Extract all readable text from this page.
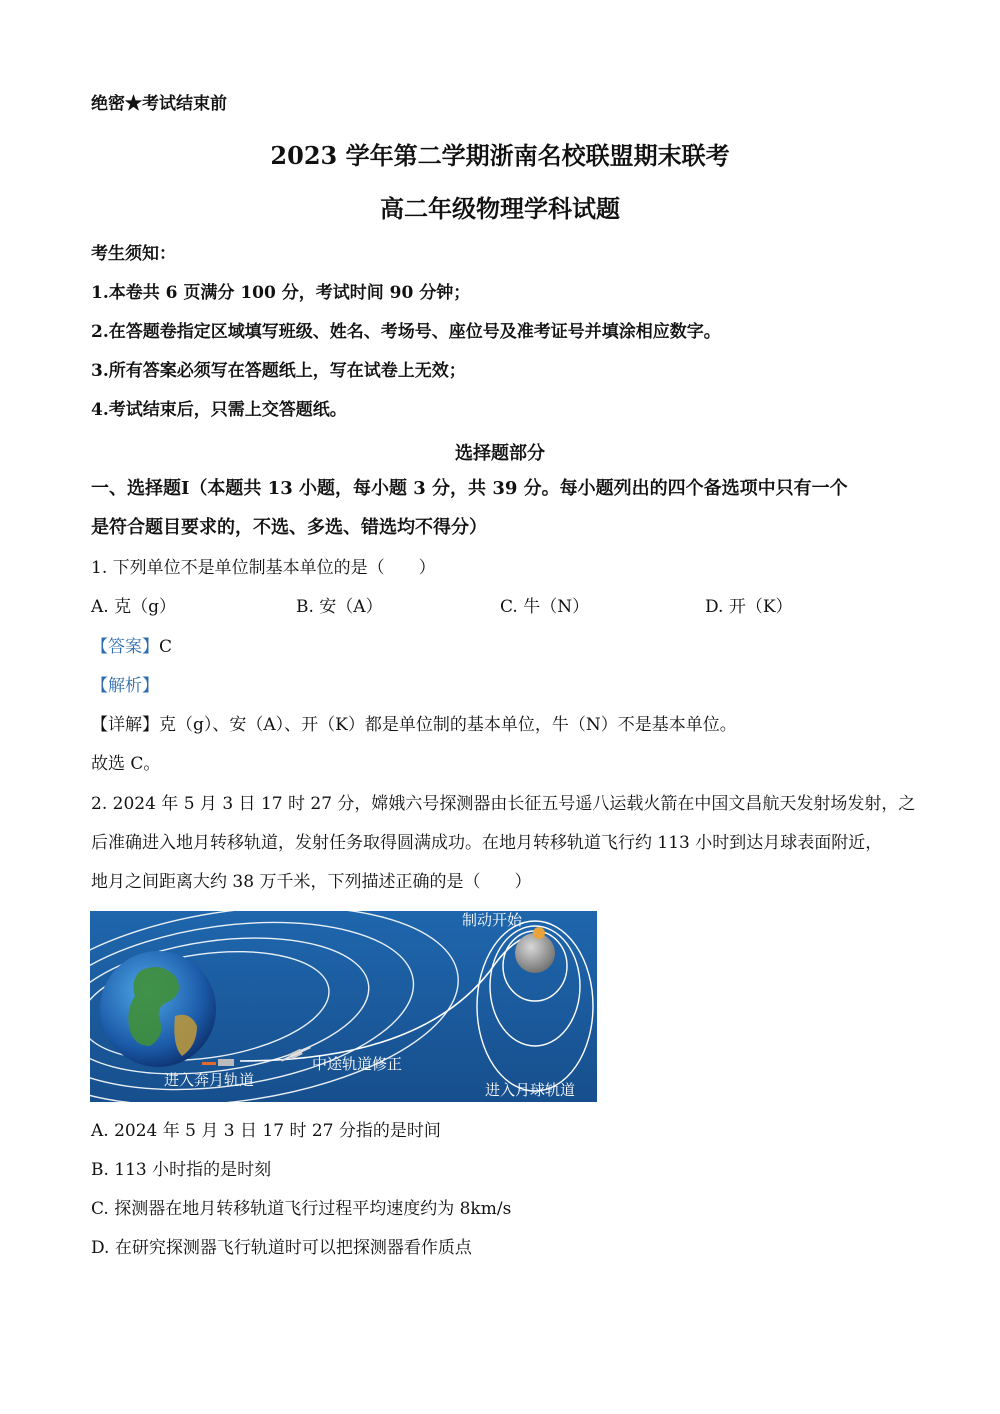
绝密★考试结束前
2023 学年第二学期浙南名校联盟期末联考
高二年级物理学科试题
考生须知：
1.本卷共 6 页满分 100 分，考试时间 90 分钟；
2.在答题卷指定区域填写班级、姓名、考场号、座位号及准考证号并填涂相应数字。
3.所有答案必须写在答题纸上，写在试卷上无效；
4.考试结束后，只需上交答题纸。
选择题部分
一、选择题I（本题共 13 小题，每小题 3 分，共 39 分。每小题列出的四个备选项中只有一个
是符合题目要求的，不选、多选、错选均不得分）
1. 下列单位不是单位制基本单位的是（　　）
A. 克（g）	B. 安（A）	C. 牛（N）	D. 开（K）
【答案】C
【解析】
【详解】克（g）、安（A）、开（K）都是单位制的基本单位，牛（N）不是基本单位。
故选 C。
2. 2024 年 5 月 3 日 17 时 27 分，嫦娥六号探测器由长征五号遥八运载火箭在中国文昌航天发射场发射，之
后准确进入地月转移轨道，发射任务取得圆满成功。在地月转移轨道飞行约 113 小时到达月球表面附近，
地月之间距离大约 38 万千米，下列描述正确的是（　　）
制动开始
中途轨道修正
进入奔月轨道
进入月球轨道
A. 2024 年 5 月 3 日 17 时 27 分指的是时间
B. 113 小时指的是时刻
C. 探测器在地月转移轨道飞行过程平均速度约为 8km/s
D. 在研究探测器飞行轨道时可以把探测器看作质点
